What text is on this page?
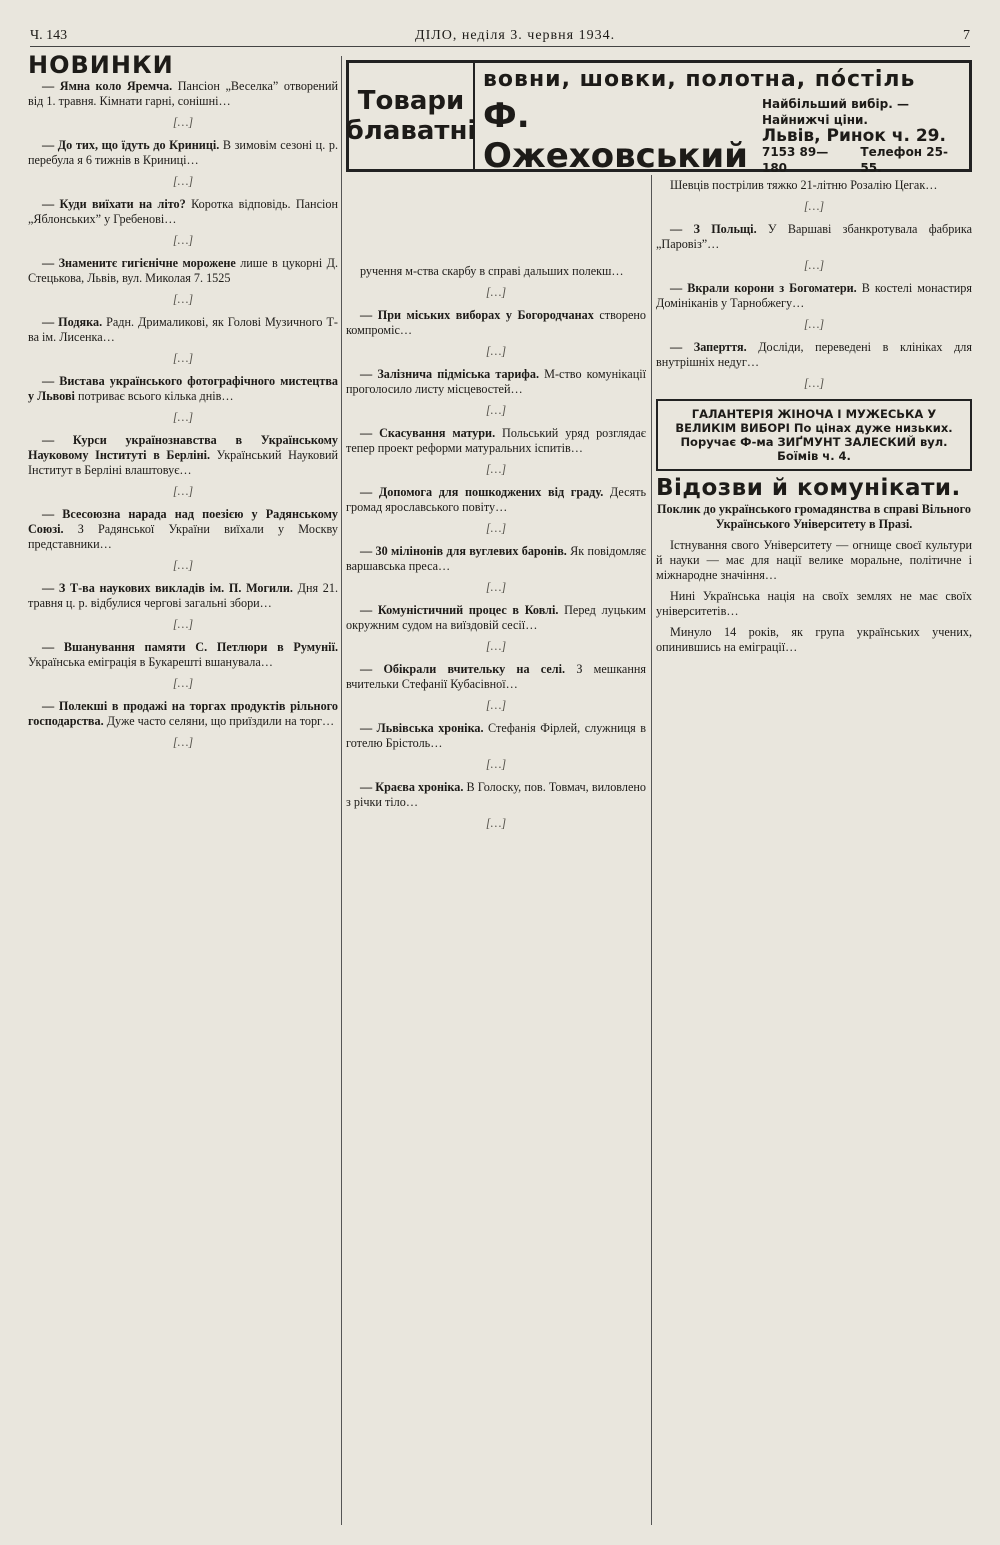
Ч. 143	ДІЛО, неділя 3. червня 1934.	7
НОВИНКИ
— Ямна коло Яремча. Пансіон „Веселка” отворений від 1. травня. Кімнати гарні, сонішні…
[…]
— До тих, що їдуть до Криниці. В зимовім сезоні ц. р. перебула я 6 тижнів в Криниці…
[…]
— Куди виїхати на літо? Коротка відповідь. Пансіон „Яблонських” у Гребенові…
[…]
— Знаменитє гигієнічне морожене лише в цукорні Д. Стецькова, Львів, вул. Миколая 7. 1525
[…]
— Подяка. Радн. Дрималикові, як Голові Музичного Т-ва ім. Лисенка…
[…]
— Вистава українського фотографічного мистецтва у Львові потриває всього кілька днів…
[…]
— Курси українознавства в Українському Науковому Інституті в Берліні. Український Науковий Інститут в Берліні влаштовує…
[…]
— Всесоюзна нарада над поезією у Радянському Союзі. З Радянської України виїхали у Москву представники…
[…]
— З Т-ва наукових викладів ім. П. Могили. Дня 21. травня ц. р. відбулися чергові загальні збори…
[…]
— Вшанування памяти С. Петлюри в Румунії. Українська еміграція в Букарешті вшанувала…
[…]
— Полекші в продажі на торгах продуктів рільного господарства. Дуже часто селяни, що приїздили на торг…
[…]
Товари
блаватні
вовни, шовки, полотна, пóстіль
Ф. Ожеховський
Найбільший вибір. — Найнижчі ціни.
Львів, Ринок ч. 29.
7153 89—180
Телефон 25-55.
ручення м-ства скарбу в справі дальших полекш…
[…]
— При міських виборах у Богородчанах створено компроміс…
[…]
— Залізнича підміська тарифа. М-ство комунікації проголосило листу місцевостей…
[…]
— Скасування матури. Польський уряд розглядає тепер проект реформи матуральних іспитів…
[…]
— Допомога для пошкоджених від граду. Десять громад ярославського повіту…
[…]
— 30 мілінонів для вуглевих баронів. Як повідомляє варшавська преса…
[…]
— Комуністичний процес в Ковлі. Перед луцьким окружним судом на виїздовій сесії…
[…]
— Обікрали вчительку на селі. З мешкання вчительки Стефанії Кубасівної…
[…]
— Львівська хроніка. Стефанія Фірлей, служниця в готелю Брістоль…
[…]
— Краєва хроніка. В Голоску, пов. Товмач, виловлено з річки тіло…
[…]
Шевців пострілив тяжко 21-літню Розалію Цегак…
[…]
— З Польщі. У Варшаві збанкротувала фабрика „Паровіз”…
[…]
— Вкрали корони з Богоматери. В костелі монастиря Домініканів у Тарнобжегу…
[…]
— Заперття. Досліди, переведені в клініках для внутрішніх недуг…
[…]
ГАЛАНТЕРІЯ ЖІНОЧА І МУЖЕСЬКА У ВЕЛИКІМ ВИБОРІ По цінах дуже низьких. Поручає Ф-ма ЗИҐМУНТ ЗАЛЕСКИЙ вул. Боїмів ч. 4.
Відозви й комунікати.
Поклик до українського громадянства в справі Вільного Українського Університету в Празі.
Істнування свого Університету — огнище своєї культури й науки — має для нації велике моральне, політичне і міжнародне значіння…
Нині Українська нація на своїх землях не має своїх університетів…
Минуло 14 років, як група українських учених, опинившись на еміграції…
